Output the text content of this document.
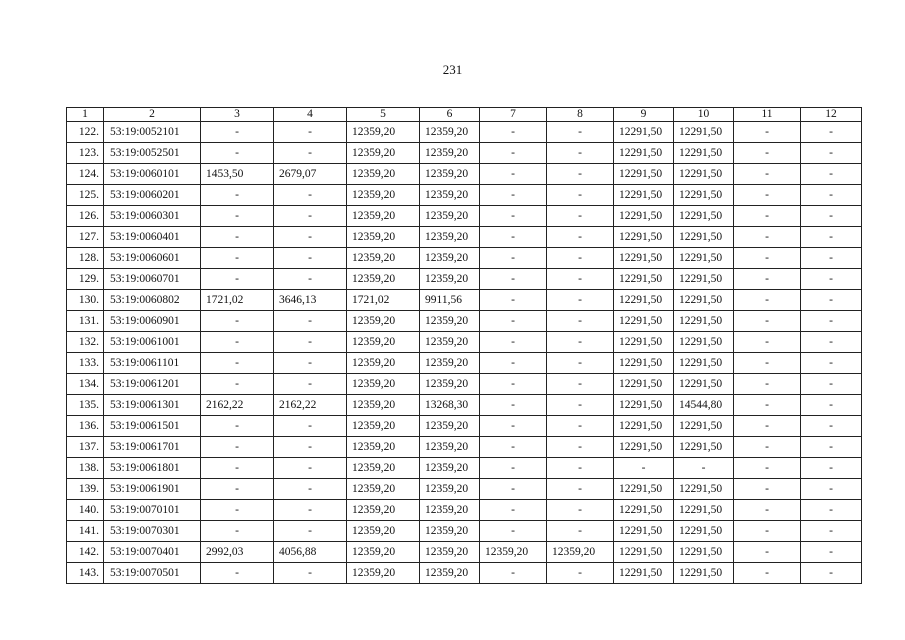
231
1	2	3	4	5	6	7	8	9	10	11	12
122.	53:19:0052101	-	-	12359,20	12359,20	-	-	12291,50	12291,50	-	-
123.	53:19:0052501	-	-	12359,20	12359,20	-	-	12291,50	12291,50	-	-
124.	53:19:0060101	1453,50	2679,07	12359,20	12359,20	-	-	12291,50	12291,50	-	-
125.	53:19:0060201	-	-	12359,20	12359,20	-	-	12291,50	12291,50	-	-
126.	53:19:0060301	-	-	12359,20	12359,20	-	-	12291,50	12291,50	-	-
127.	53:19:0060401	-	-	12359,20	12359,20	-	-	12291,50	12291,50	-	-
128.	53:19:0060601	-	-	12359,20	12359,20	-	-	12291,50	12291,50	-	-
129.	53:19:0060701	-	-	12359,20	12359,20	-	-	12291,50	12291,50	-	-
130.	53:19:0060802	1721,02	3646,13	1721,02	9911,56	-	-	12291,50	12291,50	-	-
131.	53:19:0060901	-	-	12359,20	12359,20	-	-	12291,50	12291,50	-	-
132.	53:19:0061001	-	-	12359,20	12359,20	-	-	12291,50	12291,50	-	-
133.	53:19:0061101	-	-	12359,20	12359,20	-	-	12291,50	12291,50	-	-
134.	53:19:0061201	-	-	12359,20	12359,20	-	-	12291,50	12291,50	-	-
135.	53:19:0061301	2162,22	2162,22	12359,20	13268,30	-	-	12291,50	14544,80	-	-
136.	53:19:0061501	-	-	12359,20	12359,20	-	-	12291,50	12291,50	-	-
137.	53:19:0061701	-	-	12359,20	12359,20	-	-	12291,50	12291,50	-	-
138.	53:19:0061801	-	-	12359,20	12359,20	-	-	-	-	-	-
139.	53:19:0061901	-	-	12359,20	12359,20	-	-	12291,50	12291,50	-	-
140.	53:19:0070101	-	-	12359,20	12359,20	-	-	12291,50	12291,50	-	-
141.	53:19:0070301	-	-	12359,20	12359,20	-	-	12291,50	12291,50	-	-
142.	53:19:0070401	2992,03	4056,88	12359,20	12359,20	12359,20	12359,20	12291,50	12291,50	-	-
143.	53:19:0070501	-	-	12359,20	12359,20	-	-	12291,50	12291,50	-	-
